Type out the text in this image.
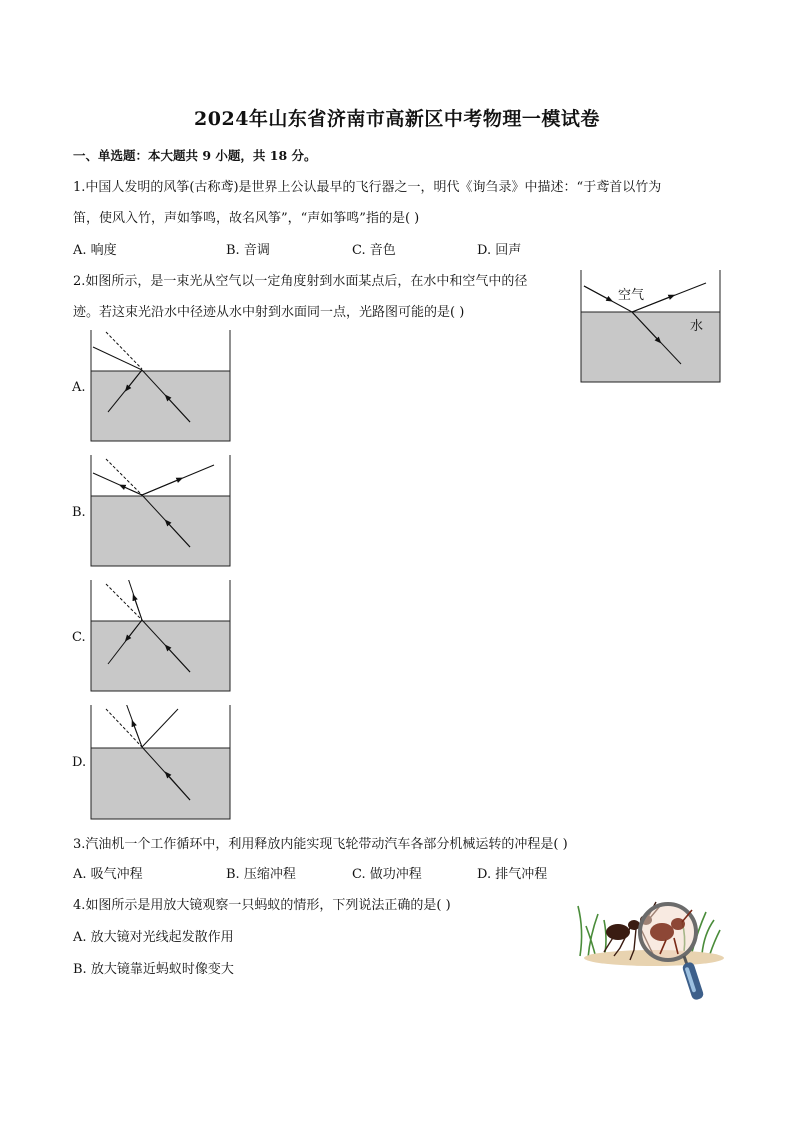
2024年山东省济南市高新区中考物理一模试卷
一、单选题：本大题共 9 小题，共 18 分。
1.中国人发明的风筝(古称鸢)是世界上公认最早的飞行器之一，明代《询刍录》中描述：“于鸢首以竹为
笛，使风入竹，声如筝鸣，故名风筝”，“声如筝鸣”指的是( )
A. 响度	B. 音调	C. 音色	D. 回声
2.如图所示，是一束光从空气以一定角度射到水面某点后，在水中和空气中的径
迹。若这束光沿水中径迹从水中射到水面同一点，光路图可能的是( )
空气
水
A.
B.
C.
D.
3.汽油机一个工作循环中，利用释放内能实现飞轮带动汽车各部分机械运转的冲程是( )
A. 吸气冲程	B. 压缩冲程	C. 做功冲程	D. 排气冲程
4.如图所示是用放大镜观察一只蚂蚁的情形，下列说法正确的是( )
A. 放大镜对光线起发散作用
B. 放大镜靠近蚂蚁时像变大
